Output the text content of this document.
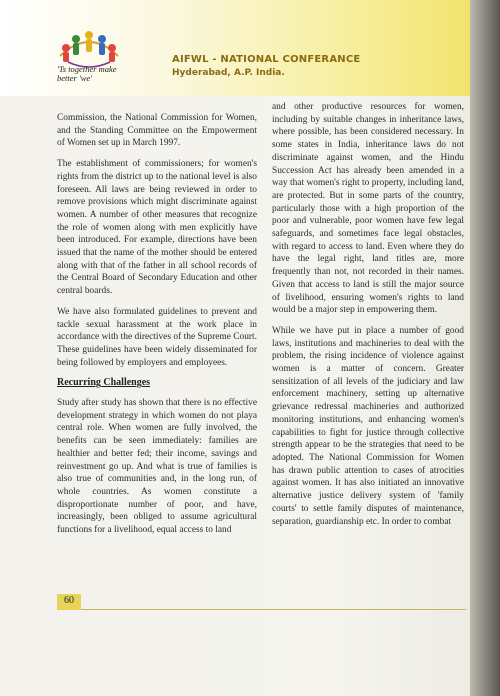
'Ts together make better 'we'
AIFWL - NATIONAL CONFERANCE
Hyderabad, A.P. India.

Commission, the National Commission for Women, and the Standing Committee on the Empowerment of Women set up in March 1997.

The establishment of commissioners; for women's rights from the district up to the national level is also foreseen. All laws are being reviewed in order to remove provisions which might discriminate against women. A number of other measures that recognize the role of women along with men explicitly have been introduced. For example, directions have been issued that the name of the mother should be entered along with that of the father in all school records of the Central Board of Secondary Education and other central boards.

We have also formulated guidelines to prevent and tackle sexual harassment at the work place in accordance with the directives of the Supreme Court. These guidelines have been widely disseminated for being followed by employers and employees.

Recurring Challenges

Study after study has shown that there is no effective development strategy in which women do not playa central role. When women are fully involved, the benefits can be seen immediately: families are healthier and better fed; their income, savings and reinvestment go up. And what is true of families is also true of communities and, in the long run, of whole countries. As women constitute a disproportionate number of poor, and have, increasingly, been obliged to assume agricultural functions for a livelihood, equal access to land

and other productive resources for women, including by suitable changes in inheritance laws, where possible, has been considered necessary. In some states in India, inheritance laws do not discriminate against women, and the Hindu Succession Act has already been amended in a way that women's right to property, including land, are protected. But in some parts of the country, particularly those with a high proportion of the poor and vulnerable, poor women have few legal safeguards, and sometimes face legal obstacles, with regard to access to land. Even where they do have the legal right, land titles are, more frequently than not, not recorded in their names. Given that access to land is still the major source of livelihood, ensuring women's rights to land would be a major step in empowering them.

While we have put in place a number of good laws, institutions and machineries to deal with the problem, the rising incidence of violence against women is a matter of concern. Greater sensitization of all levels of the judiciary and law enforcement machinery, setting up alternative grievance redressal machineries and authorized monitoring institutions, and enhancing women's capabilities to fight for justice through collective strength appear to be the strategies that need to be adopted. The National Commission for Women has drawn public attention to cases of atrocities against women. It has also initiated an innovative alternative justice delivery system of 'family courts' to settle family disputes of maintenance, separation, guardianship etc. In order to combat

60
